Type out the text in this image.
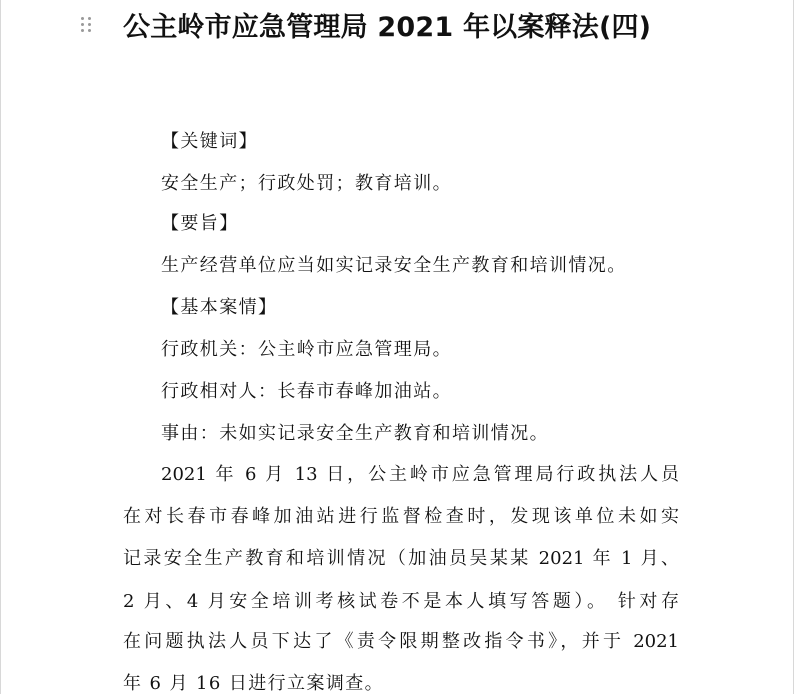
公主岭市应急管理局 2021 年以案释法(四)
【关键词】
安全生产；行政处罚；教育培训。
【要旨】
生产经营单位应当如实记录安全生产教育和培训情况。
【基本案情】
行政机关：公主岭市应急管理局。
行政相对人：长春市春峰加油站。
事由：未如实记录安全生产教育和培训情况。
2021 年 6 月 13 日，公主岭市应急管理局行政执法人员
在对长春市春峰加油站进行监督检查时，发现该单位未如实
记录安全生产教育和培训情况（加油员吴某某 2021 年 1 月、
2 月、4 月安全培训考核试卷不是本人填写答题）。 针对存
在问题执法人员下达了《责令限期整改指令书》，并于 2021
年 6 月 16 日进行立案调查。
